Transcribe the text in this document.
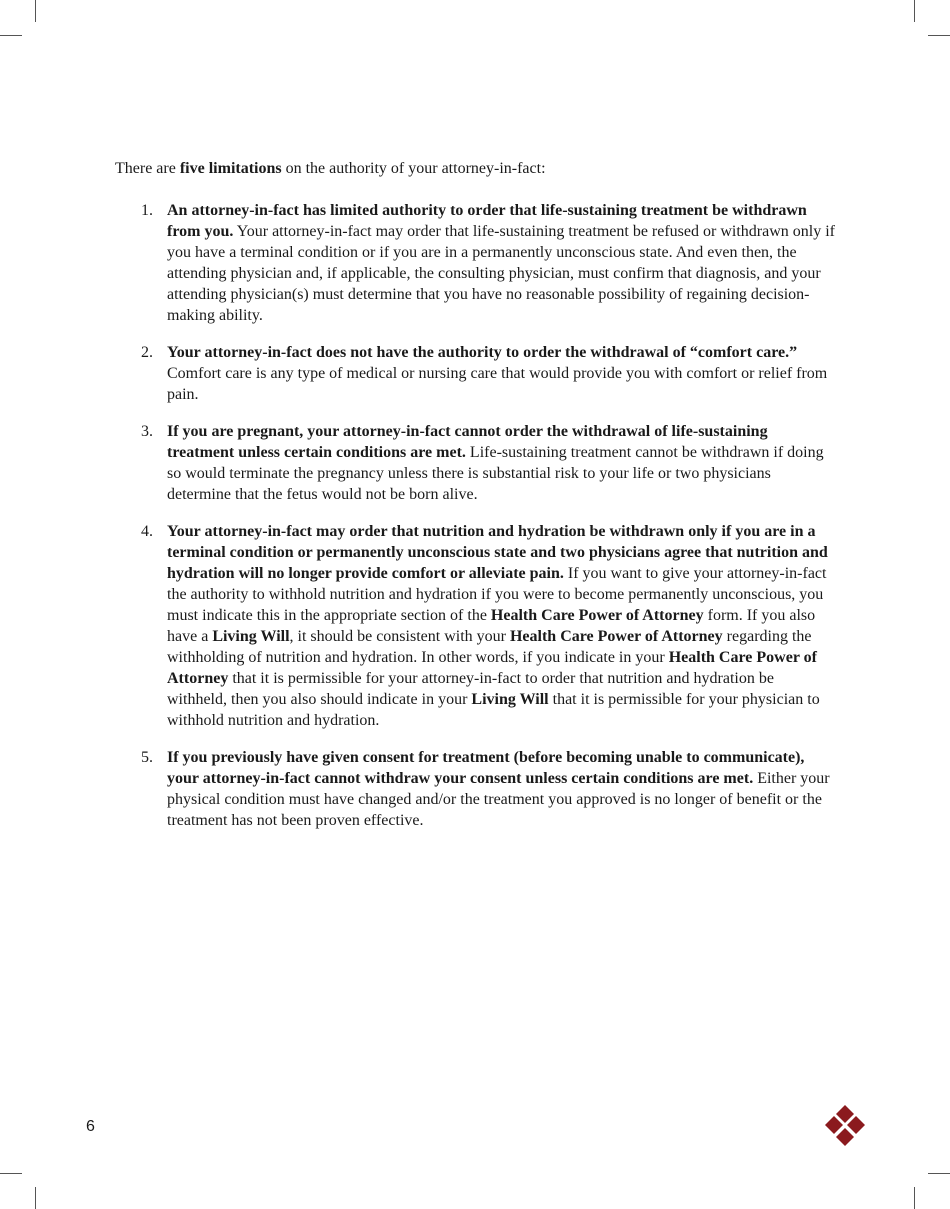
There are five limitations on the authority of your attorney-in-fact:

1. An attorney-in-fact has limited authority to order that life-sustaining treatment be withdrawn from you. Your attorney-in-fact may order that life-sustaining treatment be refused or withdrawn only if you have a terminal condition or if you are in a permanently unconscious state. And even then, the attending physician and, if applicable, the consulting physician, must confirm that diagnosis, and your attending physician(s) must determine that you have no reasonable possibility of regaining decision-making ability.
2. Your attorney-in-fact does not have the authority to order the withdrawal of “comfort care.” Comfort care is any type of medical or nursing care that would provide you with comfort or relief from pain.
3. If you are pregnant, your attorney-in-fact cannot order the withdrawal of life-sustaining treatment unless certain conditions are met. Life-sustaining treatment cannot be withdrawn if doing so would terminate the pregnancy unless there is substantial risk to your life or two physicians determine that the fetus would not be born alive.
4. Your attorney-in-fact may order that nutrition and hydration be withdrawn only if you are in a terminal condition or permanently unconscious state and two physicians agree that nutrition and hydration will no longer provide comfort or alleviate pain. If you want to give your attorney-in-fact the authority to withhold nutrition and hydration if you were to become permanently unconscious, you must indicate this in the appropriate section of the Health Care Power of Attorney form. If you also have a Living Will, it should be consistent with your Health Care Power of Attorney regarding the withholding of nutrition and hydration. In other words, if you indicate in your Health Care Power of Attorney that it is permissible for your attorney-in-fact to order that nutrition and hydration be withheld, then you also should indicate in your Living Will that it is permissible for your physician to withhold nutrition and hydration.
5. If you previously have given consent for treatment (before becoming unable to communicate), your attorney-in-fact cannot withdraw your consent unless certain conditions are met. Either your physical condition must have changed and/or the treatment you approved is no longer of benefit or the treatment has not been proven effective.
6
